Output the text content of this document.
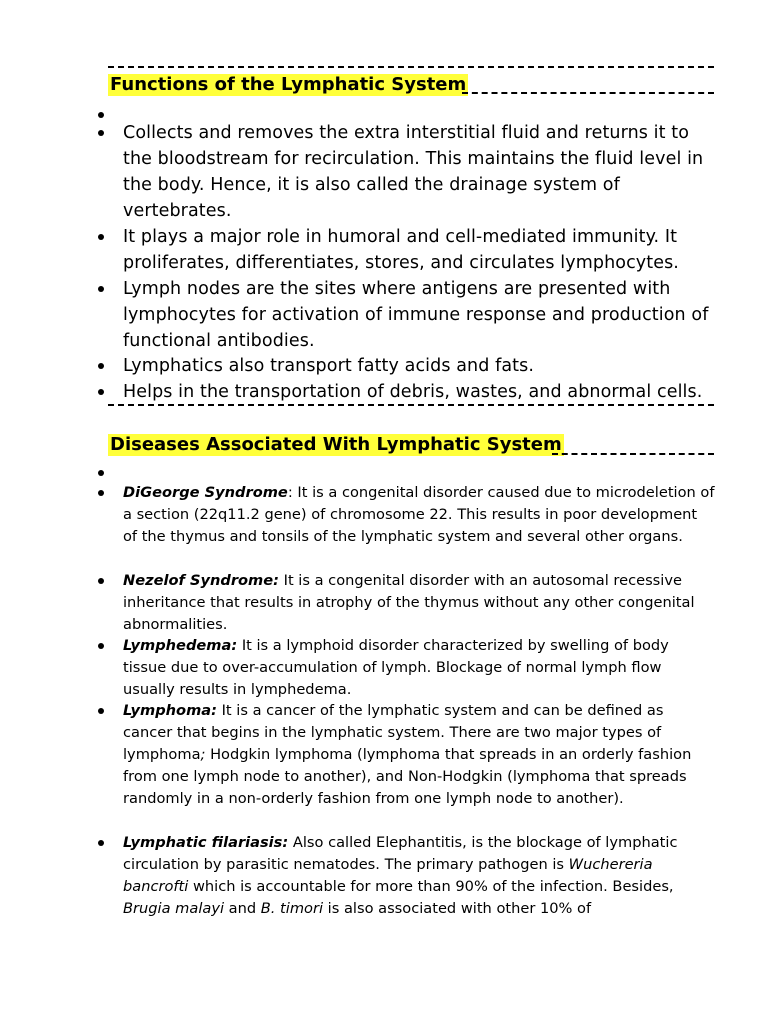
Functions of the Lymphatic System
Collects and removes the extra interstitial fluid and returns it to the bloodstream for recirculation. This maintains the fluid level in the body. Hence, it is also called the drainage system of vertebrates.
It plays a major role in humoral and cell-mediated immunity. It proliferates, differentiates, stores, and circulates lymphocytes.
Lymph nodes are the sites where antigens are presented with lymphocytes for activation of immune response and production of functional antibodies.
Lymphatics also transport fatty acids and fats.
Helps in the transportation of debris, wastes, and abnormal cells.
Diseases Associated With Lymphatic System
DiGeorge Syndrome: It is a congenital disorder caused due to microdeletion of a section (22q11.2 gene) of chromosome 22. This results in poor development of the thymus and tonsils of the lymphatic system and several other organs.
Nezelof Syndrome: It is a congenital disorder with an autosomal recessive inheritance that results in atrophy of the thymus without any other congenital abnormalities.
Lymphedema: It is a lymphoid disorder characterized by swelling of body tissue due to over-accumulation of lymph. Blockage of normal lymph flow usually results in lymphedema.
Lymphoma: It is a cancer of the lymphatic system and can be defined as cancer that begins in the lymphatic system. There are two major types of lymphoma; Hodgkin lymphoma (lymphoma that spreads in an orderly fashion from one lymph node to another), and Non-Hodgkin (lymphoma that spreads randomly in a non-orderly fashion from one lymph node to another).
Lymphatic filariasis: Also called Elephantitis, is the blockage of lymphatic circulation by parasitic nematodes. The primary pathogen is Wuchereria bancrofti which is accountable for more than 90% of the infection. Besides, Brugia malayi and B. timori is also associated with other 10% of
